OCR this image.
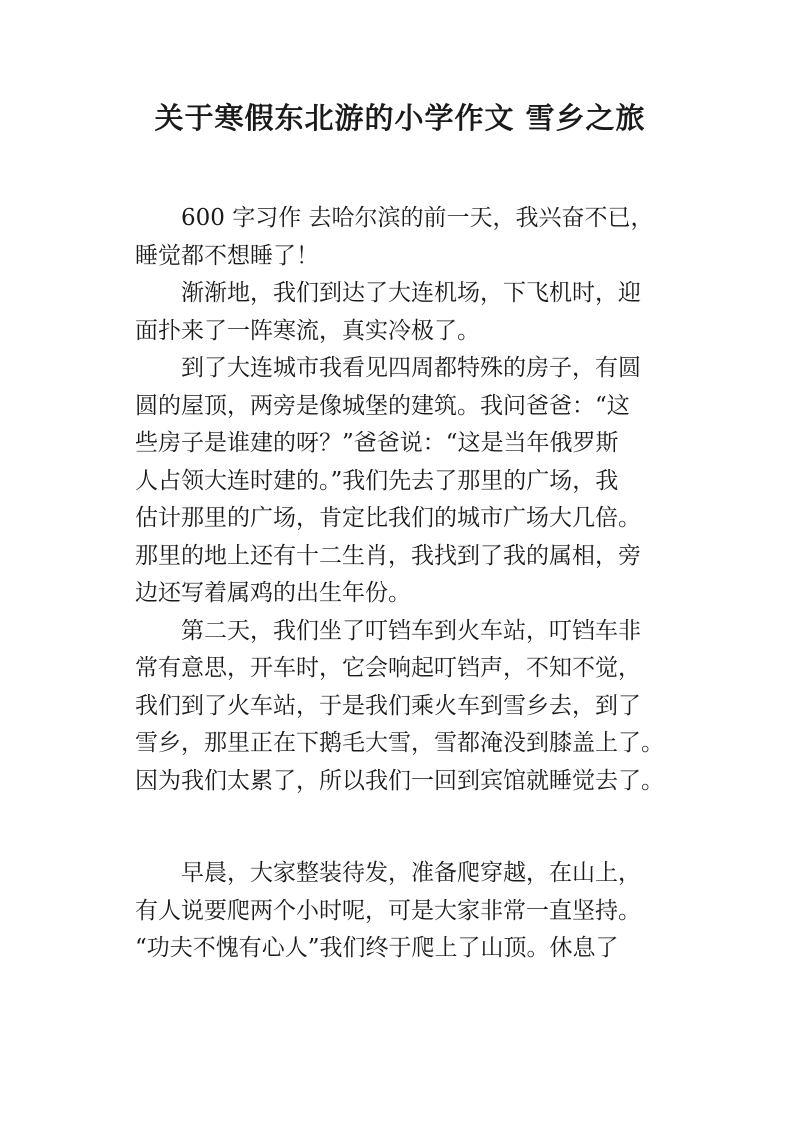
关于寒假东北游的小学作文 雪乡之旅
600 字习作 去哈尔滨的前一天，我兴奋不已，
睡觉都不想睡了！
渐渐地，我们到达了大连机场，下飞机时，迎
面扑来了一阵寒流，真实冷极了。
到了大连城市我看见四周都特殊的房子，有圆
圆的屋顶，两旁是像城堡的建筑。我问爸爸：“这
些房子是谁建的呀？”爸爸说：“这是当年俄罗斯
人占领大连时建的。”我们先去了那里的广场，我
估计那里的广场，肯定比我们的城市广场大几倍。
那里的地上还有十二生肖，我找到了我的属相，旁
边还写着属鸡的出生年份。
第二天，我们坐了叮铛车到火车站，叮铛车非
常有意思，开车时，它会响起叮铛声，不知不觉，
我们到了火车站，于是我们乘火车到雪乡去，到了
雪乡，那里正在下鹅毛大雪，雪都淹没到膝盖上了。
因为我们太累了，所以我们一回到宾馆就睡觉去了。
早晨，大家整装待发，准备爬穿越，在山上，
有人说要爬两个小时呢，可是大家非常一直坚持。
“功夫不愧有心人”我们终于爬上了山顶。休息了
